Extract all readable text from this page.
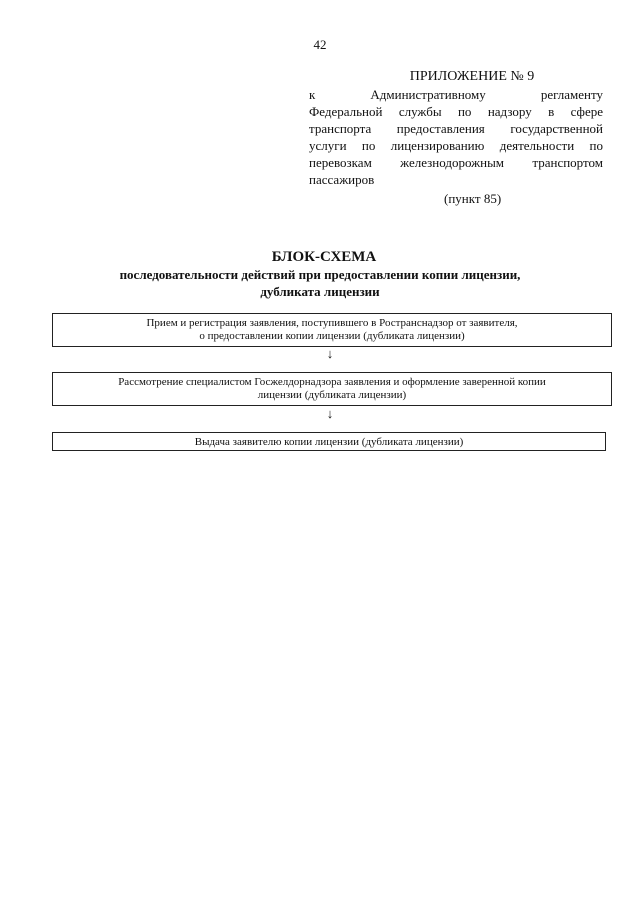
42
ПРИЛОЖЕНИЕ № 9
к Административному регламенту
Федеральной службы по надзору в сфере
транспорта предоставления государственной
услуги по лицензированию деятельности по
перевозкам железнодорожным транспортом
пассажиров
(пункт 85)
БЛОК-СХЕМА
последовательности действий при предоставлении копии лицензии,
дубликата лицензии
Прием и регистрация заявления, поступившего в Ространснадзор от заявителя,
о предоставлении копии лицензии (дубликата лицензии)
↓
Рассмотрение специалистом Госжелдорнадзора заявления и оформление заверенной копии
лицензии (дубликата лицензии)
↓
Выдача заявителю копии лицензии (дубликата лицензии)
